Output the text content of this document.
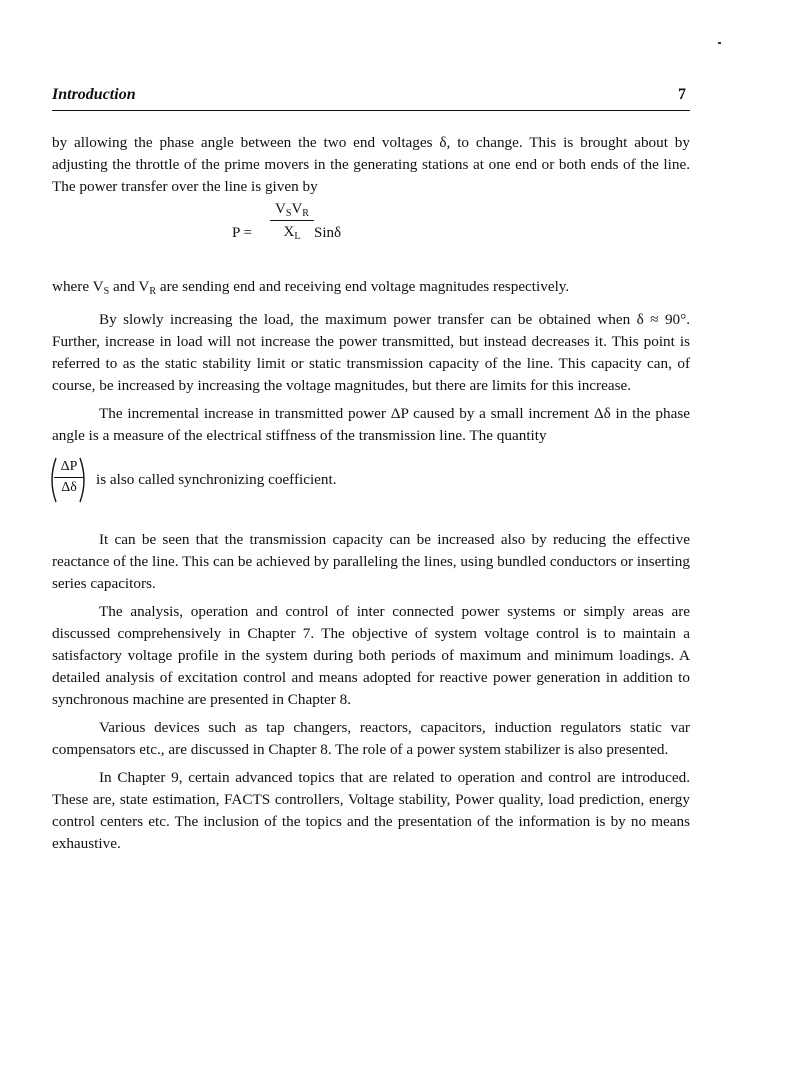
Introduction	7

by allowing the phase angle between the two end voltages δ, to change. This is brought about by adjusting the throttle of the prime movers in the generating stations at one end or both ends of the line. The power transfer over the line is given by

P =
$V_SV_R$
$X_L$ Sinδ

where $V_S$ and $V_R$ are sending end and receiving end voltage magnitudes respectively.

By slowly increasing the load, the maximum power transfer can be obtained when δ ≈ 90°. Further, increase in load will not increase the power transmitted, but instead decreases it. This point is referred to as the static stability limit or static transmission capacity of the line. This capacity can, of course, be increased by increasing the voltage magnitudes, but there are limits for this increase.

The incremental increase in transmitted power ΔP caused by a small increment Δδ in the phase angle is a measure of the electrical stiffness of the transmission line. The quantity

$\frac{\Delta P}{\Delta\delta}$ is also called synchronizing coefficient.

It can be seen that the transmission capacity can be increased also by reducing the effective reactance of the line. This can be achieved by paralleling the lines, using bundled conductors or inserting series capacitors.

The analysis, operation and control of inter connected power systems or simply areas are discussed comprehensively in Chapter 7. The objective of system voltage control is to maintain a satisfactory voltage profile in the system during both periods of maximum and minimum loadings. A detailed analysis of excitation control and means adopted for reactive power generation in addition to synchronous machine are presented in Chapter 8.

Various devices such as tap changers, reactors, capacitors, induction regulators static var compensators etc., are discussed in Chapter 8. The role of a power system stabilizer is also presented.

In Chapter 9, certain advanced topics that are related to operation and control are introduced. These are, state estimation, FACTS controllers, Voltage stability, Power quality, load prediction, energy control centers etc. The inclusion of the topics and the presentation of the information is by no means exhaustive.
